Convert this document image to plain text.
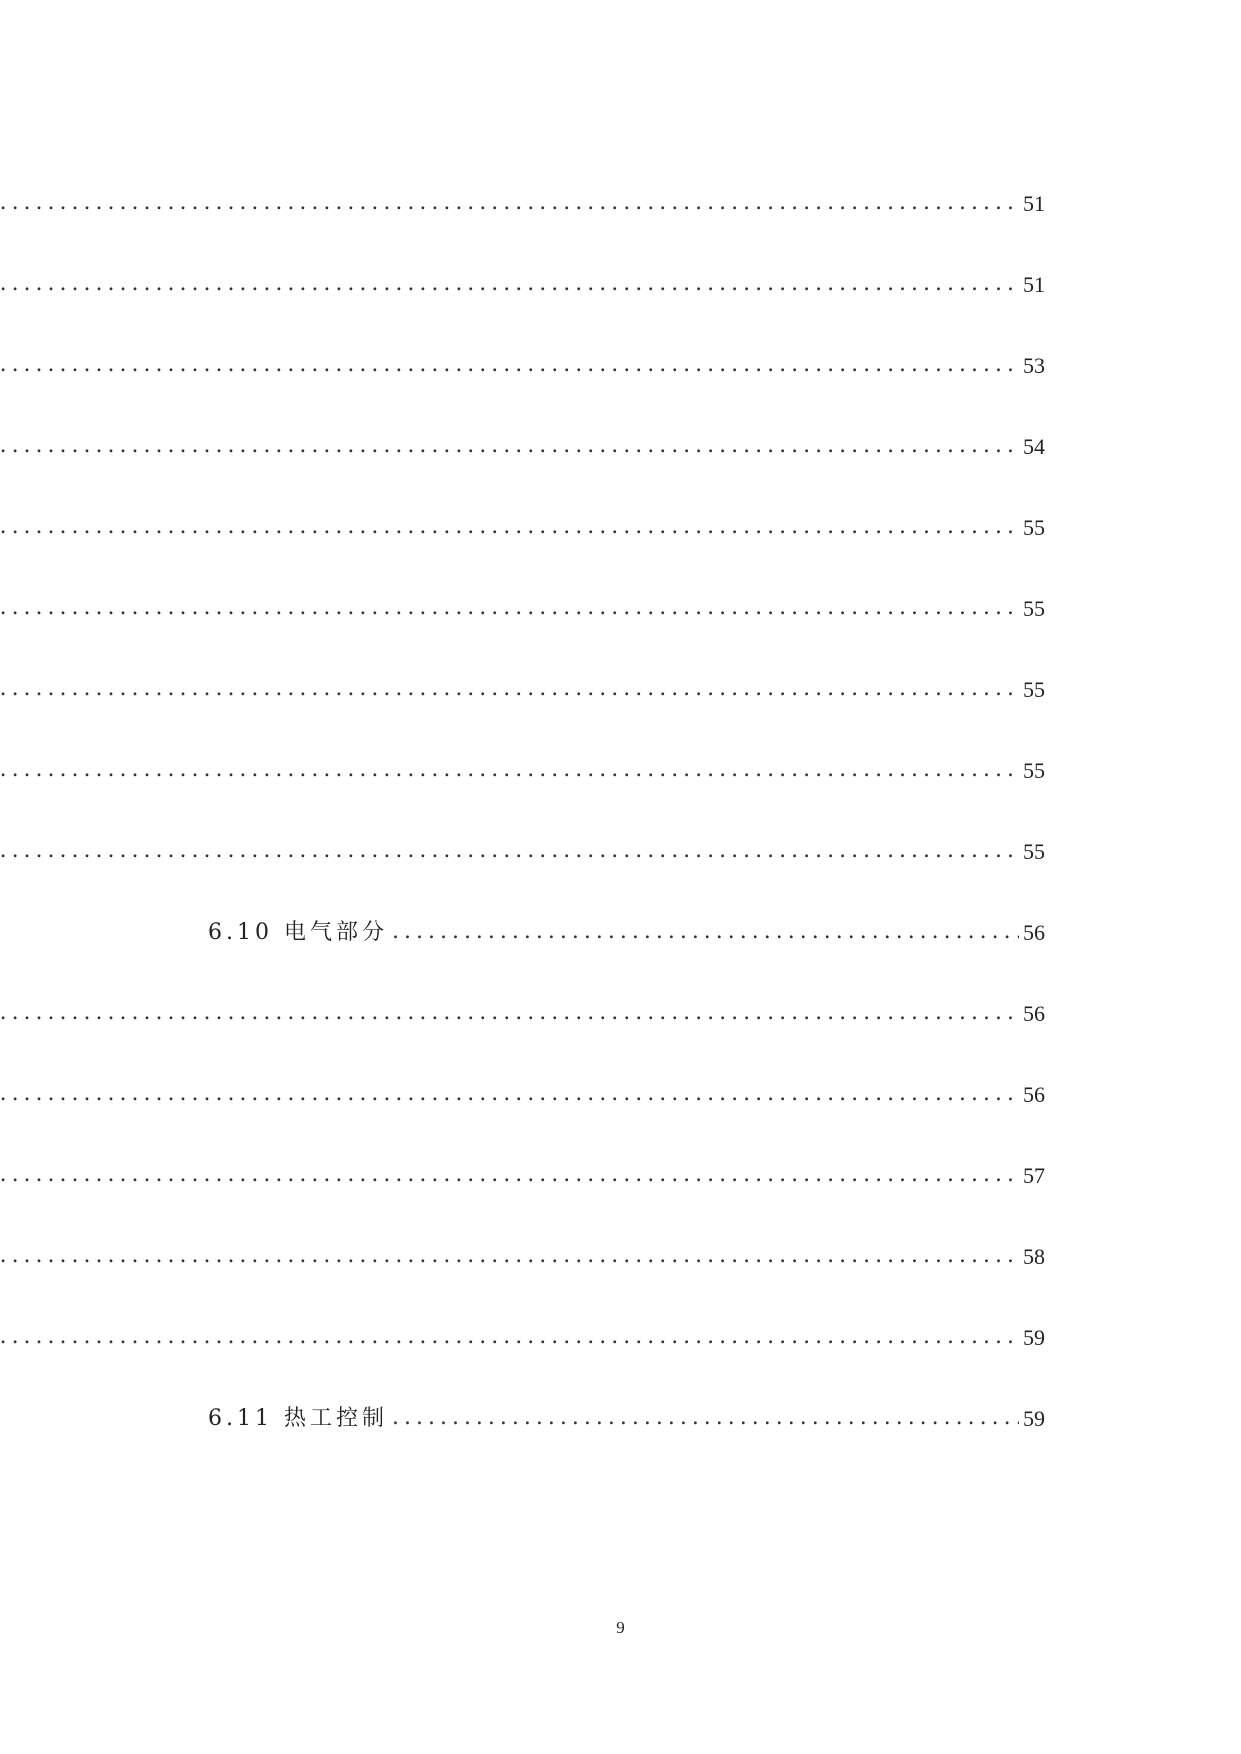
.....
51
.....
51
.....
53
.....
54
.....
55
.....
55
.....
55
.....
55
.....
55
6.10 电气部分 .....	56
.....
56
.....
56
.....
57
.....
58
.....
59
6.11 热工控制 .....	59
9
